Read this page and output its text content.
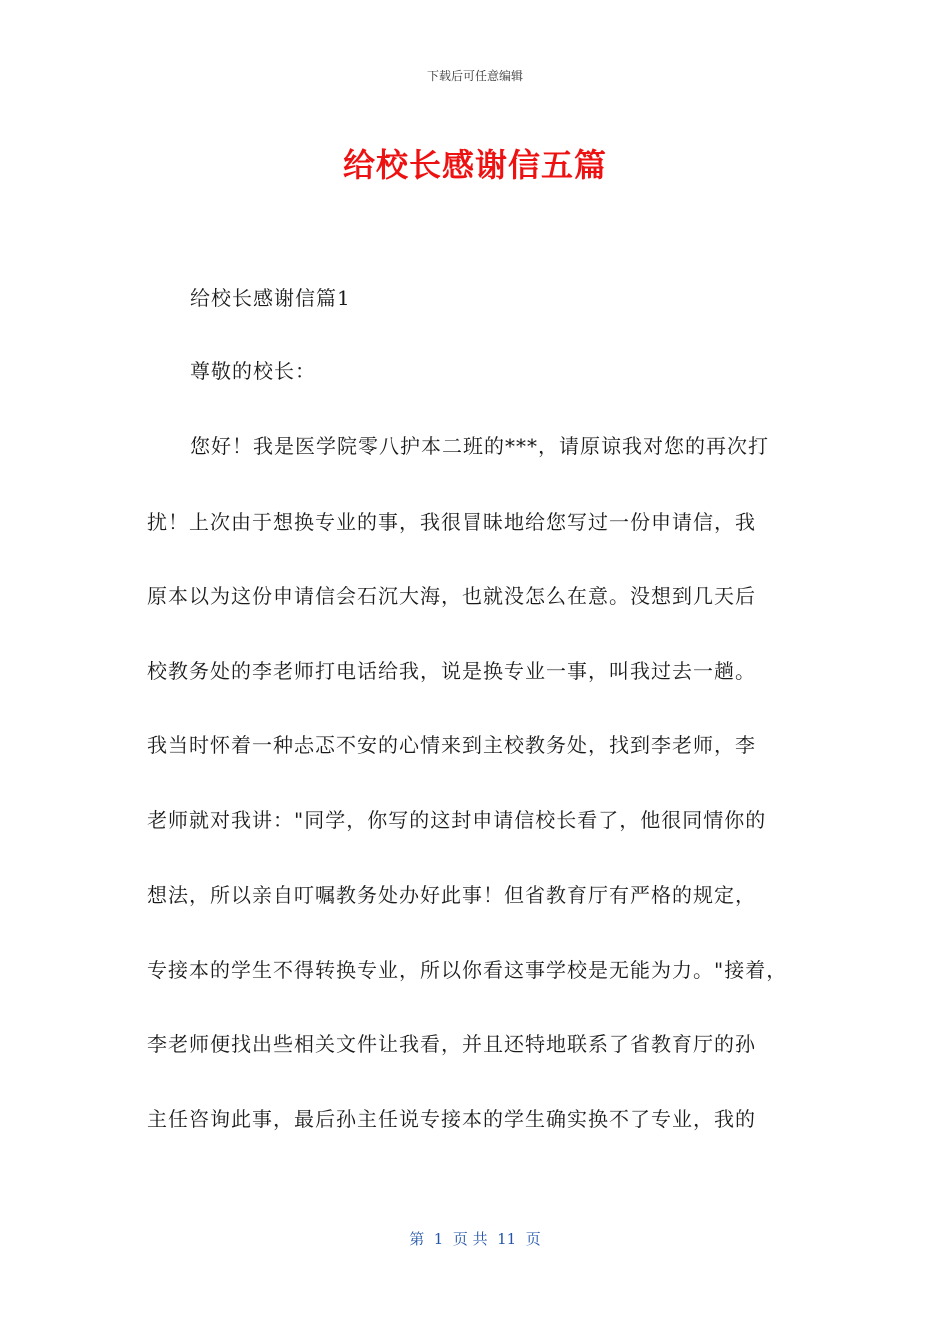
下载后可任意编辑
给校长感谢信五篇
给校长感谢信篇1
尊敬的校长：
您好！我是医学院零八护本二班的***，请原谅我对您的再次打
扰！上次由于想换专业的事，我很冒昧地给您写过一份申请信，我
原本以为这份申请信会石沉大海，也就没怎么在意。没想到几天后
校教务处的李老师打电话给我，说是换专业一事，叫我过去一趟。
我当时怀着一种忐忑不安的心情来到主校教务处，找到李老师，李
老师就对我讲："同学，你写的这封申请信校长看了，他很同情你的
想法，所以亲自叮嘱教务处办好此事！但省教育厅有严格的规定，
专接本的学生不得转换专业，所以你看这事学校是无能为力。"接着，
李老师便找出些相关文件让我看，并且还特地联系了省教育厅的孙
主任咨询此事，最后孙主任说专接本的学生确实换不了专业，我的
第  1  页 共  11  页
